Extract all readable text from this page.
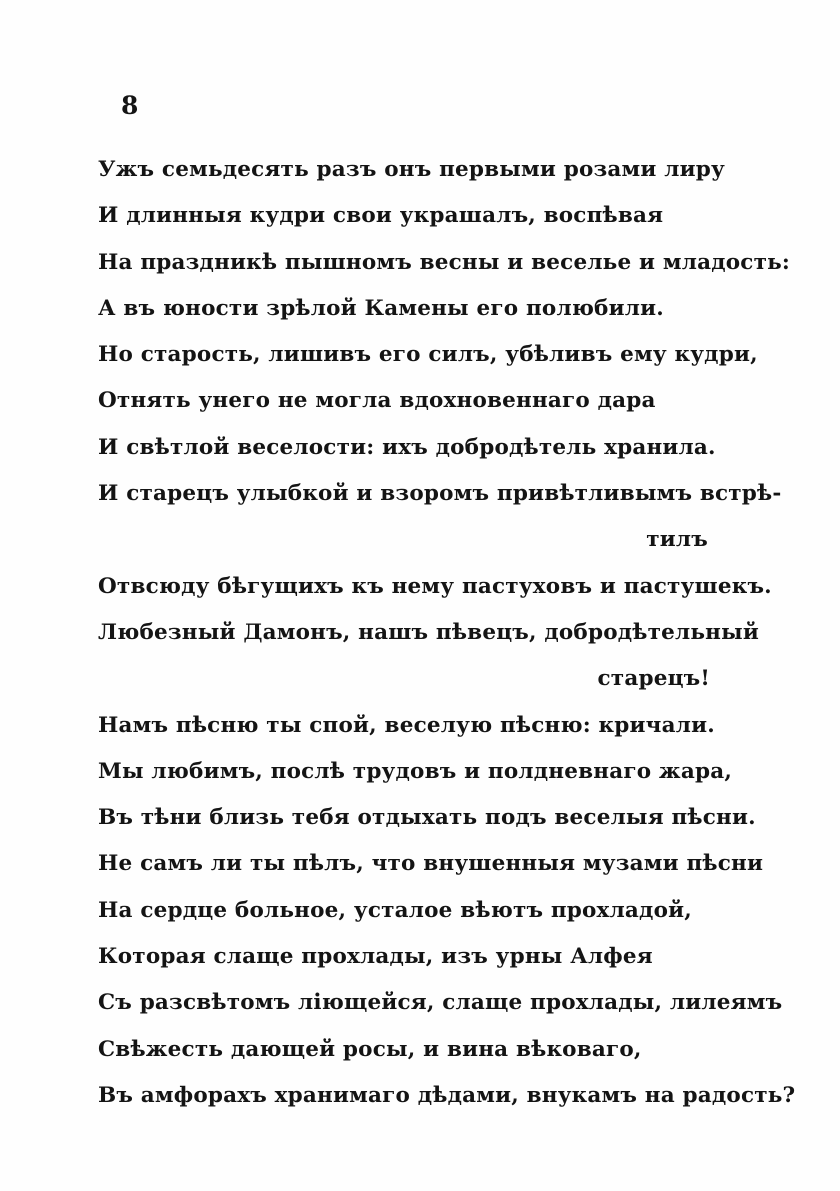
8
Ужъ семьдесять разъ онъ первыми розами лиру
И длинныя кудри свои украшалъ, воспѣвая
На праздникѣ пышномъ весны и веселье и младость:
А въ юности зрѣлой Камены его полюбили.
Но старость, лишивъ его силъ, убѣливъ ему кудри,
Отнять унего не могла вдохновеннаго дара
И свѣтлой веселости: ихъ добродѣтель хранила.
И старецъ улыбкой и взоромъ привѣтливымъ встрѣ-
тилъ
Отвсюду бѣгущихъ къ нему пастуховъ и пастушекъ.
Любезный Дамонъ, нашъ пѣвецъ, добродѣтельный
старецъ!
Намъ пѣсню ты спой, веселую пѣсню: кричали.
Мы любимъ, послѣ трудовъ и полдневнаго жара,
Въ тѣни близь тебя отдыхать подъ веселыя пѣсни.
Не самъ ли ты пѣлъ, что внушенныя музами пѣсни
На сердце больное, усталое вѣютъ прохладой,
Которая слаще прохлады, изъ урны Алфея
Съ разсвѣтомъ лiющейся, слаще прохлады, лилеямъ
Свѣжесть дающей росы, и вина вѣковаго,
Въ амфорахъ хранимаго дѣдами, внукамъ на радость?
